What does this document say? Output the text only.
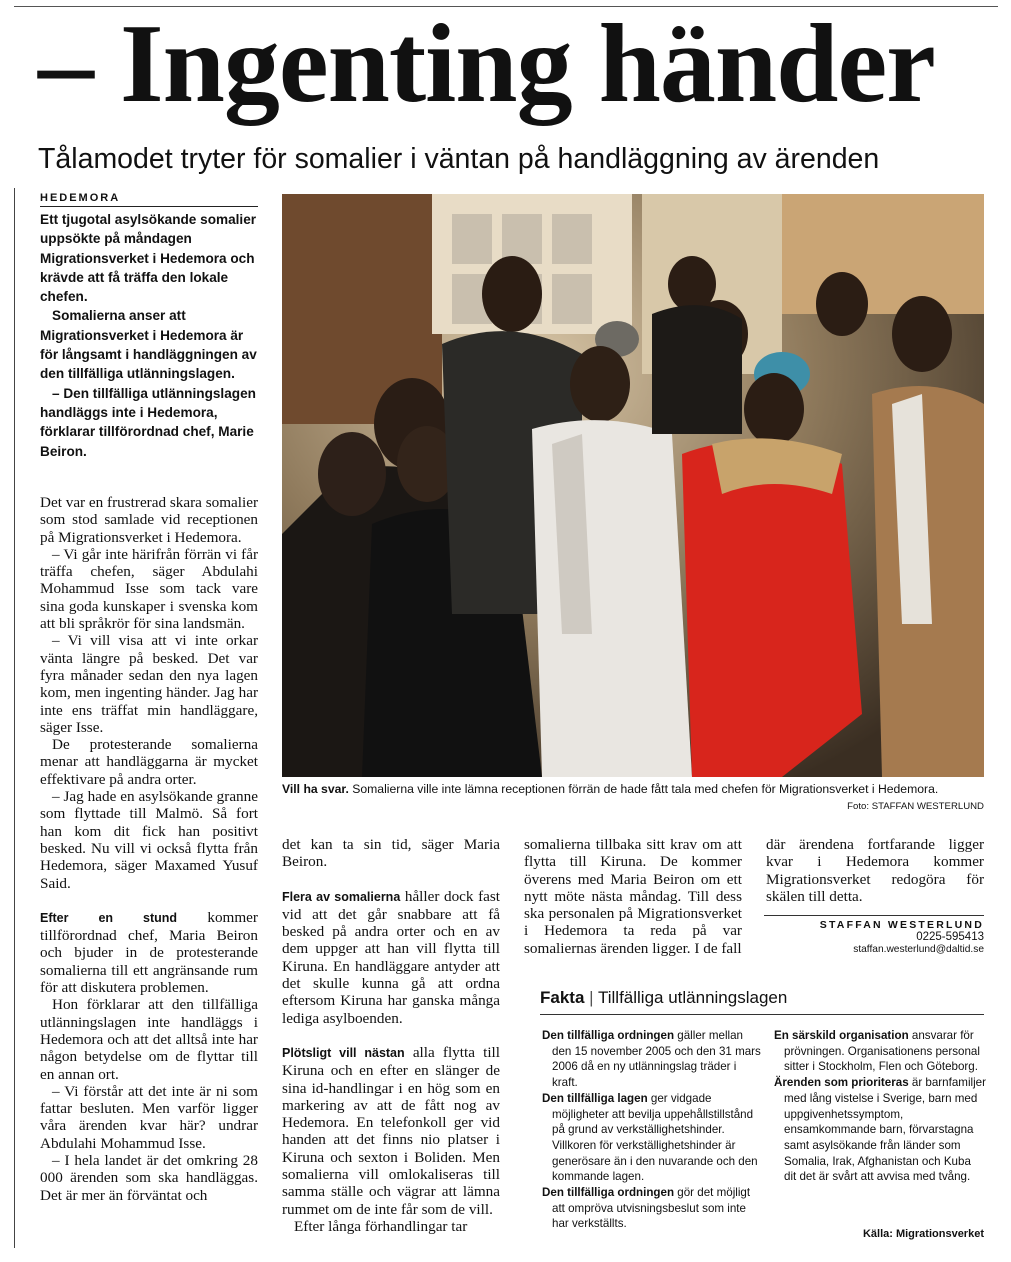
– Ingenting händer
Tålamodet tryter för somalier i väntan på handläggning av ärenden
HEDEMORA

Ett tjugotal asylsökande somalier uppsökte på måndagen Migrationsverket i Hedemora och krävde att få träffa den lokale chefen.

Somalierna anser att Migrationsverket i Hedemora är för långsamt i handläggningen av den tillfälliga utlänningslagen.

– Den tillfälliga utlänningslagen handläggs inte i Hedemora, förklarar tillförordnad chef, Marie Beiron.

Det var en frustrerad skara somalier som stod samlade vid receptionen på Migrationsverket i Hedemora.

– Vi går inte härifrån förrän vi får träffa chefen, säger Abdulahi Mohammud Isse som tack vare sina goda kunskaper i svenska kom att bli språkrör för sina landsmän.

– Vi vill visa att vi inte orkar vänta längre på besked. Det var fyra månader sedan den nya lagen kom, men ingenting händer. Jag har inte ens träffat min handläggare, säger Isse.

De protesterande somalierna menar att handläggarna är mycket effektivare på andra orter.

– Jag hade en asylsökande granne som flyttade till Malmö. Så fort han kom dit fick han positivt besked. Nu vill vi också flytta från Hedemora, säger Maxamed Yusuf Said.

Efter en stund kommer tillförordnad chef, Maria Beiron och bjuder in de protesterande somalierna till ett angränsande rum för att diskutera problemen.

Hon förklarar att den tillfälliga utlänningslagen inte handläggs i Hedemora och att det alltså inte har någon betydelse om de flyttar till en annan ort.

– Vi förstår att det inte är ni som fattar besluten. Men varför ligger våra ärenden kvar här? undrar Abdulahi Mohammud Isse.

– I hela landet är det omkring 28 000 ärenden som ska handläggas. Det är mer än förväntat och

Vill ha svar. Somalierna ville inte lämna receptionen förrän de hade fått tala med chefen för Migrationsverket i Hedemora.
Foto: STAFFAN WESTERLUND

det kan ta sin tid, säger Maria Beiron.

Flera av somalierna håller dock fast vid att det går snabbare att få besked på andra orter och en av dem uppger att han vill flytta till Kiruna. En handläggare antyder att det skulle kunna gå att ordna eftersom Kiruna har ganska många lediga asylboenden.

Plötsligt vill nästan alla flytta till Kiruna och en efter en slänger de sina id-handlingar i en hög som en markering av att de fått nog av Hedemora. En telefonkoll ger vid handen att det finns nio platser i Kiruna och sexton i Boliden. Men somalierna vill omlokaliseras till samma ställe och vägrar att lämna rummet om de inte får som de vill.

Efter långa förhandlingar tar

somalierna tillbaka sitt krav om att flytta till Kiruna. De kommer överens med Maria Beiron om ett nytt möte nästa måndag. Till dess ska personalen på Migrationsverket i Hedemora ta reda på var somaliernas ärenden ligger. I de fall

där ärendena fortfarande ligger kvar i Hedemora kommer Migrationsverket redogöra för skälen till detta.

STAFFAN WESTERLUND
0225-595413
staffan.westerlund@daltid.se
Fakta | Tillfälliga utlänningslagen

Den tillfälliga ordningen gäller mellan den 15 november 2005 och den 31 mars 2006 då en ny utlänningslag träder i kraft.

Den tillfälliga lagen ger vidgade möjligheter att bevilja uppehållstillstånd på grund av verkställighetshinder. Villkoren för verkställighetshinder är generösare än i den nuvarande och den kommande lagen.

Den tillfälliga ordningen gör det möjligt att ompröva utvisningsbeslut som inte har verkställts.

En särskild organisation ansvarar för prövningen. Organisationens personal sitter i Stockholm, Flen och Göteborg.

Ärenden som prioriteras är barnfamiljer med lång vistelse i Sverige, barn med uppgivenhetssymptom, ensamkommande barn, förvarstagna samt asylsökande från länder som Somalia, Irak, Afghanistan och Kuba dit det är svårt att avvisa med tvång.

Källa: Migrationsverket
